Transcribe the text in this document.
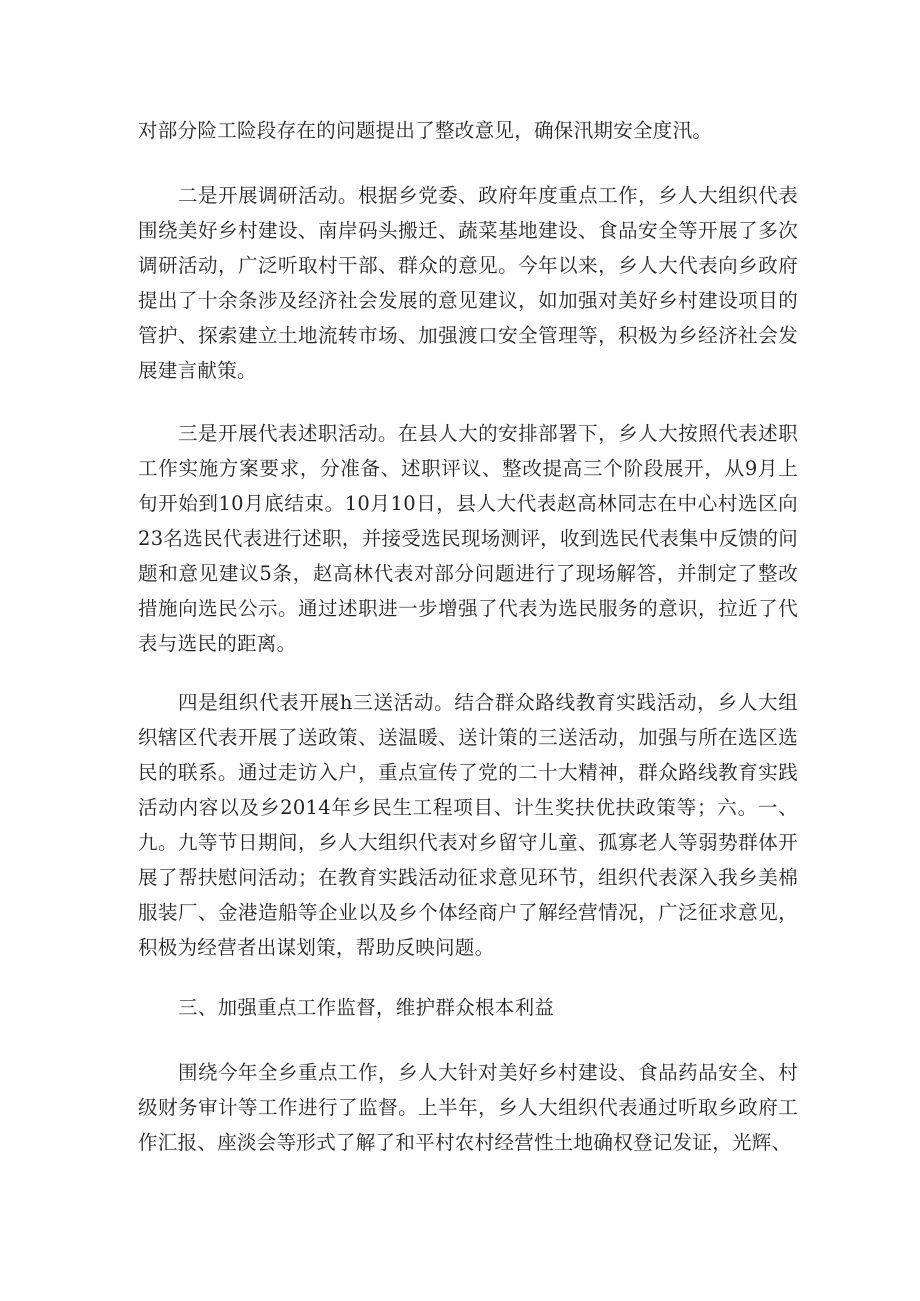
对部分险工险段存在的问题提出了整改意见，确保汛期安全度汛。

二是开展调研活动。根据乡党委、政府年度重点工作，乡人大组织代表围绕美好乡村建设、南岸码头搬迁、蔬菜基地建设、食品安全等开展了多次调研活动，广泛听取村干部、群众的意见。今年以来，乡人大代表向乡政府提出了十余条涉及经济社会发展的意见建议，如加强对美好乡村建设项目的管护、探索建立土地流转市场、加强渡口安全管理等，积极为乡经济社会发展建言献策。

三是开展代表述职活动。在县人大的安排部署下，乡人大按照代表述职工作实施方案要求，分准备、述职评议、整改提高三个阶段展开，从9月上旬开始到10月底结束。10月10日，县人大代表赵高林同志在中心村选区向23名选民代表进行述职，并接受选民现场测评，收到选民代表集中反馈的问题和意见建议5条，赵高林代表对部分问题进行了现场解答，并制定了整改措施向选民公示。通过述职进一步增强了代表为选民服务的意识，拉近了代表与选民的距离。

四是组织代表开展h三送活动。结合群众路线教育实践活动，乡人大组织辖区代表开展了送政策、送温暖、送计策的三送活动，加强与所在选区选民的联系。通过走访入户，重点宣传了党的二十大精神，群众路线教育实践活动内容以及乡2014年乡民生工程项目、计生奖扶优扶政策等；六。一、九。九等节日期间，乡人大组织代表对乡留守儿童、孤寡老人等弱势群体开展了帮扶慰问活动；在教育实践活动征求意见环节，组织代表深入我乡美棉服装厂、金港造船等企业以及乡个体经商户了解经营情况，广泛征求意见，积极为经营者出谋划策，帮助反映问题。

三、加强重点工作监督，维护群众根本利益

围绕今年全乡重点工作，乡人大针对美好乡村建设、食品药品安全、村级财务审计等工作进行了监督。上半年，乡人大组织代表通过听取乡政府工作汇报、座淡会等形式了解了和平村农村经营性土地确权登记发证，光辉、
